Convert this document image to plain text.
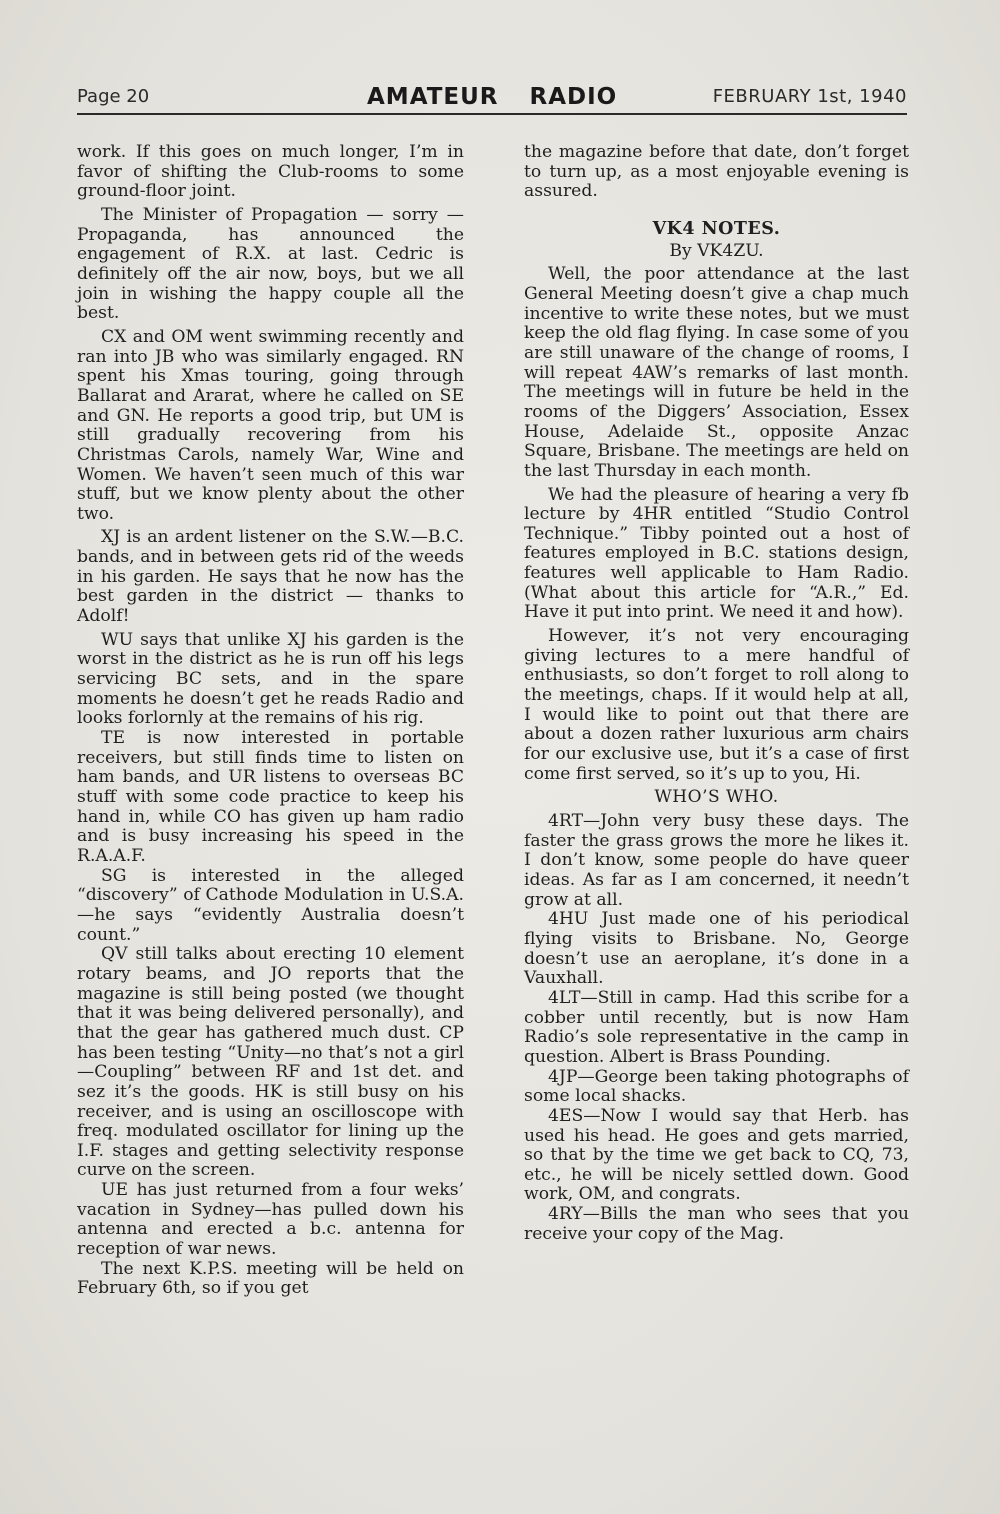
Page 20	AMATEUR RADIO	FEBRUARY 1st, 1940

work. If this goes on much longer, I’m in favor of shifting the Club-rooms to some ground-floor joint.

The Minister of Propagation — sorry — Propaganda, has announced the engagement of R.X. at last. Cedric is definitely off the air now, boys, but we all join in wishing the happy couple all the best.

CX and OM went swimming recently and ran into JB who was similarly engaged. RN spent his Xmas touring, going through Ballarat and Ararat, where he called on SE and GN. He reports a good trip, but UM is still gradually recovering from his Christmas Carols, namely War, Wine and Women. We haven’t seen much of this war stuff, but we know plenty about the other two.

XJ is an ardent listener on the S.W.—B.C. bands, and in between gets rid of the weeds in his garden. He says that he now has the best garden in the district — thanks to Adolf!

WU says that unlike XJ his garden is the worst in the district as he is run off his legs servicing BC sets, and in the spare moments he doesn’t get he reads Radio and looks forlornly at the remains of his rig.

TE is now interested in portable receivers, but still finds time to listen on ham bands, and UR listens to overseas BC stuff with some code practice to keep his hand in, while CO has given up ham radio and is busy increasing his speed in the R.A.A.F.

SG is interested in the alleged “discovery” of Cathode Modulation in U.S.A.—he says “evidently Australia doesn’t count.”

QV still talks about erecting 10 element rotary beams, and JO reports that the magazine is still being posted (we thought that it was being delivered personally), and that the gear has gathered much dust. CP has been testing “Unity—no that’s not a girl—Coupling” between RF and 1st det. and sez it’s the goods. HK is still busy on his receiver, and is using an oscilloscope with freq. modulated oscillator for lining up the I.F. stages and getting selectivity response curve on the screen.

UE has just returned from a four weks’ vacation in Sydney—has pulled down his antenna and erected a b.c. antenna for reception of war news.

The next K.P.S. meeting will be held on February 6th, so if you get

the magazine before that date, don’t forget to turn up, as a most enjoyable evening is assured.

VK4 NOTES.

By VK4ZU.

Well, the poor attendance at the last General Meeting doesn’t give a chap much incentive to write these notes, but we must keep the old flag flying. In case some of you are still unaware of the change of rooms, I will repeat 4AW’s remarks of last month. The meetings will in future be held in the rooms of the Diggers’ Association, Essex House, Adelaide St., opposite Anzac Square, Brisbane. The meetings are held on the last Thursday in each month.

We had the pleasure of hearing a very fb lecture by 4HR entitled “Studio Control Technique.” Tibby pointed out a host of features employed in B.C. stations design, features well applicable to Ham Radio. (What about this article for “A.R.,” Ed. Have it put into print. We need it and how).

However, it’s not very encouraging giving lectures to a mere handful of enthusiasts, so don’t forget to roll along to the meetings, chaps. If it would help at all, I would like to point out that there are about a dozen rather luxurious arm chairs for our exclusive use, but it’s a case of first come first served, so it’s up to you, Hi.

WHO’S WHO.

4RT—John very busy these days. The faster the grass grows the more he likes it. I don’t know, some people do have queer ideas. As far as I am concerned, it needn’t grow at all.

4HU Just made one of his periodical flying visits to Brisbane. No, George doesn’t use an aeroplane, it’s done in a Vauxhall.

4LT—Still in camp. Had this scribe for a cobber until recently, but is now Ham Radio’s sole representative in the camp in question. Albert is Brass Pounding.

4JP—George been taking photographs of some local shacks.

4ES—Now I would say that Herb. has used his head. He goes and gets married, so that by the time we get back to CQ, 73, etc., he will be nicely settled down. Good work, OM, and congrats.

4RY—Bills the man who sees that you receive your copy of the Mag.
